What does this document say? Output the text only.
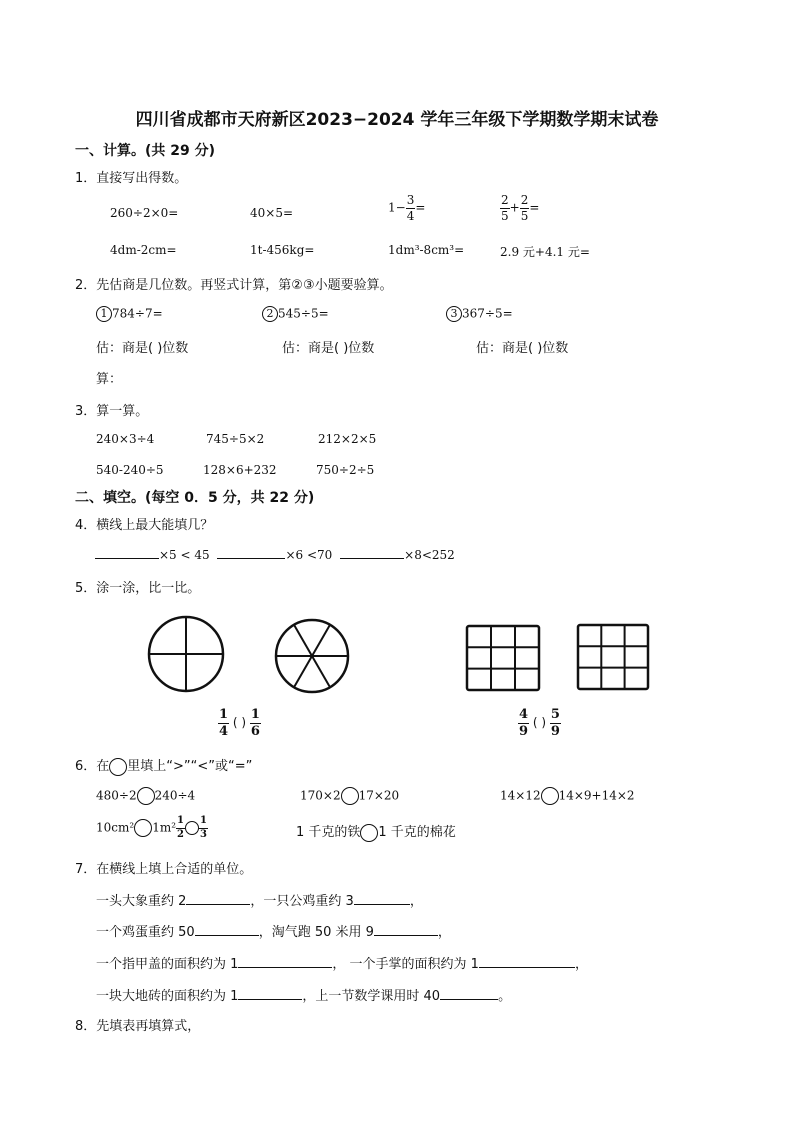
四川省成都市天府新区2023−2024 学年三年级下学期数学期末试卷
一、计算。(共 29 分)
1．直接写出得数。
260÷2×0=	40×5=	$1- \frac{3}{4}$ =	$\frac{2}{5} + \frac{2}{5}$ =
4dm-2cm=	1t-456kg=	1dm³-8cm³=	2.9 元+4.1 元=
2．先估商是几位数。再竖式计算，第②③小题要验算。
1 784÷7=	2 545÷5=	3 367÷5=
估：商是( )位数	估：商是( )位数	估：商是( )位数
算：
3．算一算。
240×3÷4	745÷5×2	212×2×5
540-240÷5	128×6+232	750÷2÷5
二、填空。(每空 0．5 分，共 22 分)
4．横线上最大能填几？
×5 < 45	×6 <70	×8<252
5．涂一涂，比一比。
$\frac{1}{4}$ ( ) $\frac{1}{6}$	$\frac{4}{9}$ ( ) $\frac{5}{9}$
6．在 里填上“>”“<”或“=”
480÷2 240÷4	170×2 17×20	14×12 14×9+14×2
10cm² $1m^2 \frac{1}{2} \frac{1}{3}$	1 千克的铁 1 千克的棉花
7．在横线上填上合适的单位。
一头大象重约 2	，一只公鸡重约 3	，
一个鸡蛋重约 50	，淘气跑 50 米用 9	，
一个指甲盖的面积约为 1	， 一个手掌的面积约为 1	，
一块大地砖的面积约为 1	，上一节数学课用时 40	。
8．先填表再填算式，
